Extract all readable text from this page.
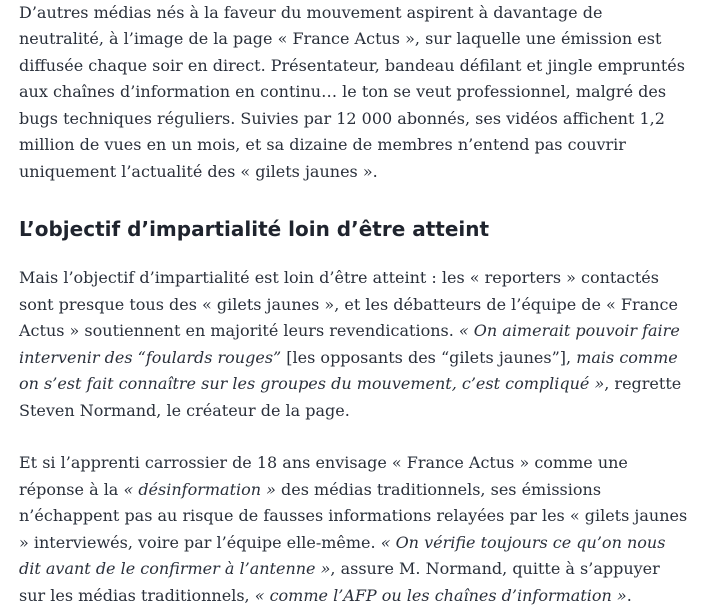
D’autres médias nés à la faveur du mouvement aspirent à davantage de neutralité, à l’image de la page « France Actus », sur laquelle une émission est diffusée chaque soir en direct. Présentateur, bandeau défilant et jingle empruntés aux chaînes d’information en continu… le ton se veut professionnel, malgré des bugs techniques réguliers. Suivies par 12 000 abonnés, ses vidéos affichent 1,2 million de vues en un mois, et sa dizaine de membres n’entend pas couvrir uniquement l’actualité des « gilets jaunes ».

L’objectif d’impartialité loin d’être atteint

Mais l’objectif d’impartialité est loin d’être atteint : les « reporters » contactés sont presque tous des « gilets jaunes », et les débatteurs de l’équipe de « France Actus » soutiennent en majorité leurs revendications. « On aimerait pouvoir faire intervenir des “foulards rouges” [les opposants des “gilets jaunes”], mais comme on s’est fait connaître sur les groupes du mouvement, c’est compliqué », regrette Steven Normand, le créateur de la page.

Et si l’apprenti carrossier de 18 ans envisage « France Actus » comme une réponse à la « désinformation » des médias traditionnels, ses émissions n’échappent pas au risque de fausses informations relayées par les « gilets jaunes » interviewés, voire par l’équipe elle-même. « On vérifie toujours ce qu’on nous dit avant de le confirmer à l’antenne », assure M. Normand, quitte à s’appuyer sur les médias traditionnels, « comme l’AFP ou les chaînes d’information ».
